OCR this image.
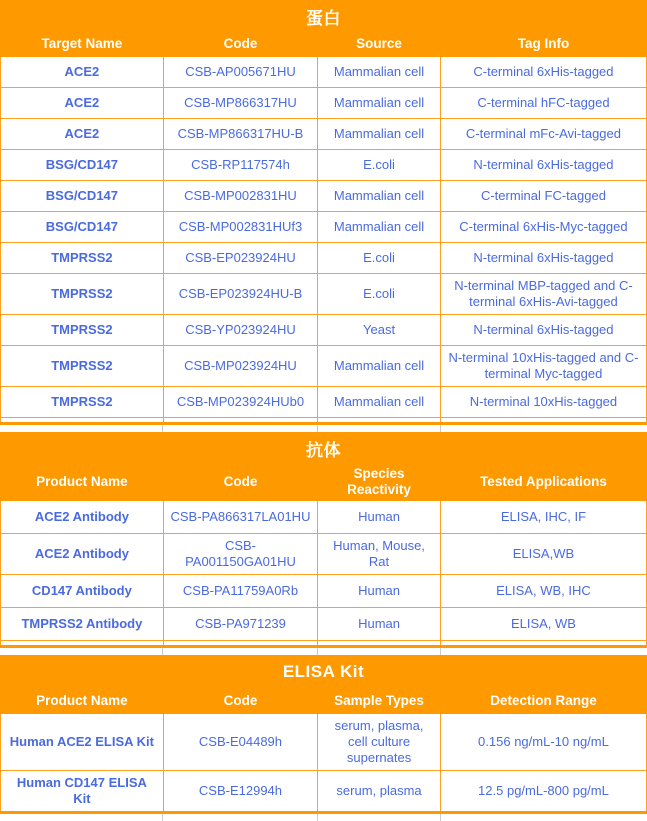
蛋白			
Target Name	Code	Source	Tag Info
ACE2	CSB-AP005671HU	Mammalian cell	C-terminal 6xHis-tagged
ACE2	CSB-MP866317HU	Mammalian cell	C-terminal hFC-tagged
ACE2	CSB-MP866317HU-B	Mammalian cell	C-terminal mFc-Avi-tagged
BSG/CD147	CSB-RP117574h	E.coli	N-terminal 6xHis-tagged
BSG/CD147	CSB-MP002831HU	Mammalian cell	C-terminal FC-tagged
BSG/CD147	CSB-MP002831HUf3	Mammalian cell	C-terminal 6xHis-Myc-tagged
TMPRSS2	CSB-EP023924HU	E.coli	N-terminal 6xHis-tagged
TMPRSS2	CSB-EP023924HU-B	E.coli	N-terminal MBP-tagged and C-terminal 6xHis-Avi-tagged
TMPRSS2	CSB-YP023924HU	Yeast	N-terminal 6xHis-tagged
TMPRSS2	CSB-MP023924HU	Mammalian cell	N-terminal 10xHis-tagged and C-terminal Myc-tagged
TMPRSS2	CSB-MP023924HUb0	Mammalian cell	N-terminal 10xHis-tagged

抗体			
Product Name	Code	Species Reactivity	Tested Applications
ACE2 Antibody	CSB-PA866317LA01HU	Human	ELISA, IHC, IF
ACE2 Antibody	CSB-PA001150GA01HU	Human, Mouse, Rat	ELISA,WB
CD147 Antibody	CSB-PA11759A0Rb	Human	ELISA, WB, IHC
TMPRSS2 Antibody	CSB-PA971239	Human	ELISA, WB

ELISA Kit			
Product Name	Code	Sample Types	Detection Range
Human ACE2 ELISA Kit	CSB-E04489h	serum, plasma, cell culture supernates	0.156 ng/mL-10 ng/mL
Human CD147 ELISA Kit	CSB-E12994h	serum, plasma	12.5 pg/mL-800 pg/mL
